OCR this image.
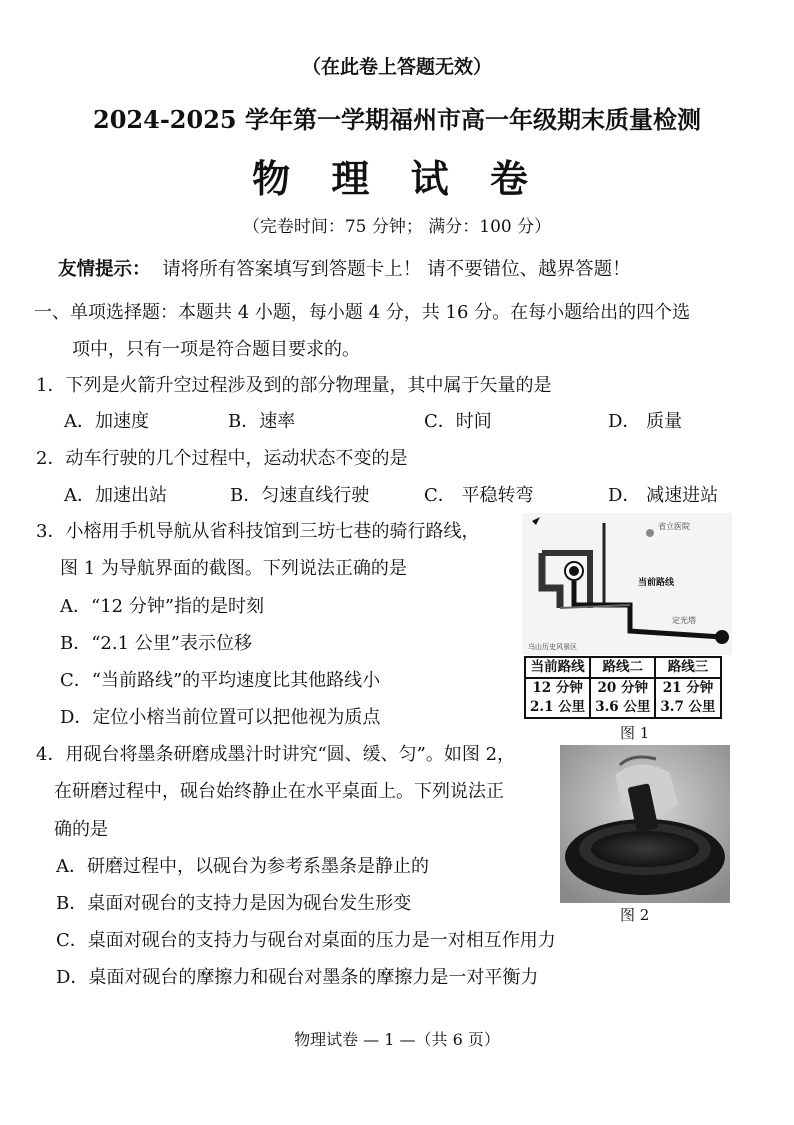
（在此卷上答题无效）
2024-2025 学年第一学期福州市高一年级期末质量检测
物 理 试 卷
（完卷时间：75 分钟； 满分：100 分）
友情提示： 请将所有答案填写到答题卡上！ 请不要错位、越界答题！
一、单项选择题：本题共 4 小题，每小题 4 分，共 16 分。在每小题给出的四个选
项中，只有一项是符合题目要求的。
1．下列是火箭升空过程涉及到的部分物理量，其中属于矢量的是
A．加速度	B．速率	C．时间	D． 质量
2．动车行驶的几个过程中，运动状态不变的是
A．加速出站	B．匀速直线行驶	C． 平稳转弯	D． 减速进站
3．小榕用手机导航从省科技馆到三坊七巷的骑行路线，
图 1 为导航界面的截图。下列说法正确的是
A．“12 分钟”指的是时刻
B．“2.1 公里”表示位移
C．“当前路线”的平均速度比其他路线小
D．定位小榕当前位置可以把他视为质点
省立医院
当前路线
定光塔
乌山历史风景区
当前路线	路线二	路线三
12 分钟	20 分钟	21 分钟
2.1 公里	3.6 公里	3.7 公里
图 1
4．用砚台将墨条研磨成墨汁时讲究“圆、缓、匀”。如图 2，
在研磨过程中，砚台始终静止在水平桌面上。下列说法正
确的是
A．研磨过程中，以砚台为参考系墨条是静止的
B．桌面对砚台的支持力是因为砚台发生形变
C．桌面对砚台的支持力与砚台对桌面的压力是一对相互作用力
D．桌面对砚台的摩擦力和砚台对墨条的摩擦力是一对平衡力
图 2
物理试卷 — 1 —（共 6 页）
